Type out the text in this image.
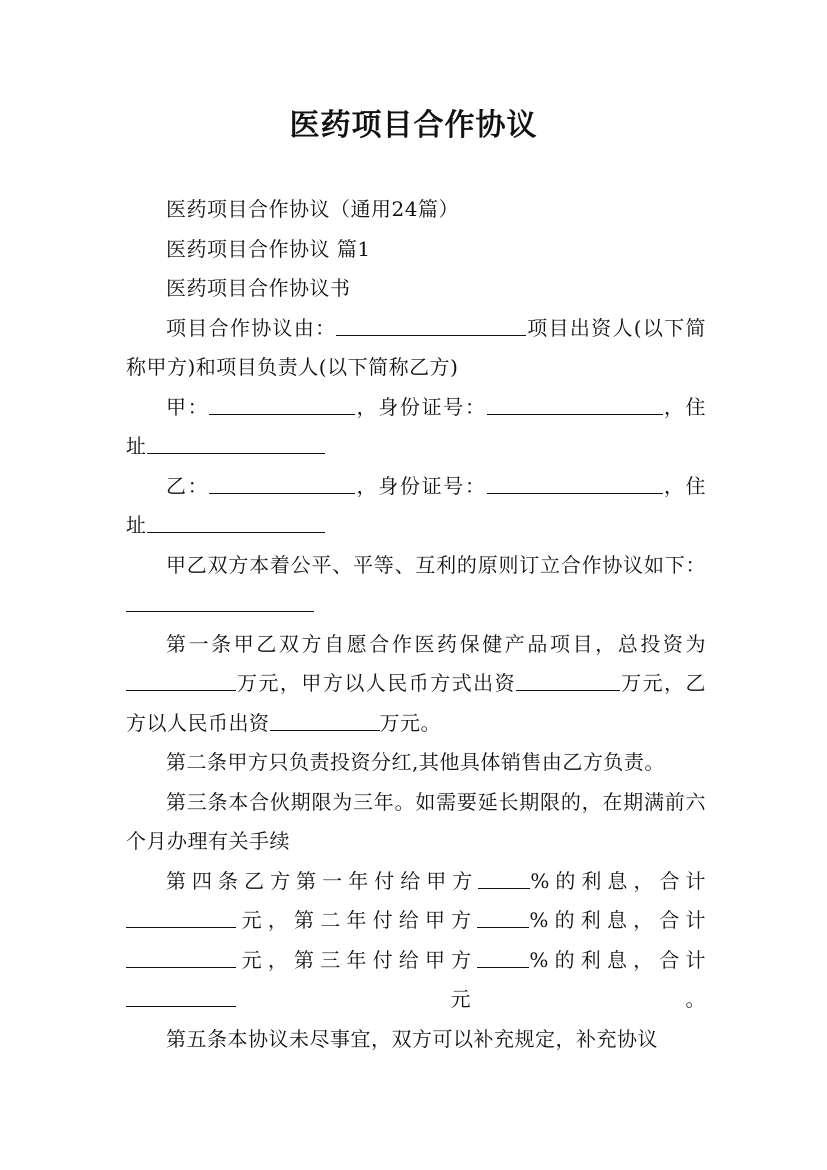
医药项目合作协议

医药项目合作协议（通用24篇）

医药项目合作协议 篇1

医药项目合作协议书

项目合作协议由：	项目出资人(以下简称甲方)和项目负责人(以下简称乙方)

甲：	，身份证号：	，住址

乙：	，身份证号：	，住址

甲乙双方本着公平、平等、互利的原则订立合作协议如下：

第一条甲乙双方自愿合作医药保健产品项目，总投资为万元，甲方以人民币方式出资	万元，乙方以人民币出资	万元。

第二条甲方只负责投资分红,其他具体销售由乙方负责。

第三条本合伙期限为三年。如需要延长期限的，在期满前六个月办理有关手续

第四条乙方第一年付给甲方	%的利息，合计元，第二年付给甲方	%的利息，合计元，第三年付给甲方	%的利息，合计元。

第五条本协议未尽事宜，双方可以补充规定，补充协议
